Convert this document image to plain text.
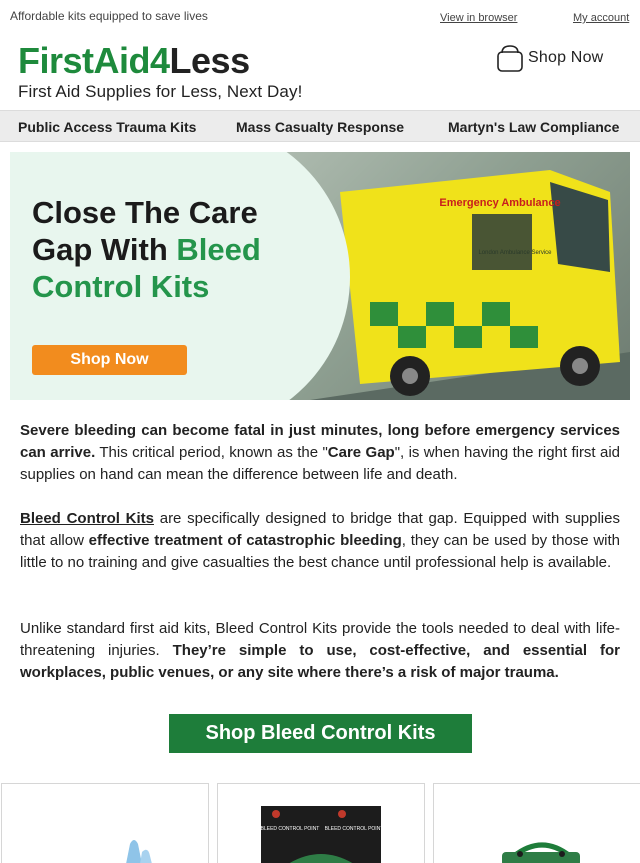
Affordable kits equipped to save lives	View in browser	My account
FirstAid4Less
First Aid Supplies for Less, Next Day!
Shop Now
Public Access Trauma Kits	Mass Casualty Response	Martyn's Law Compliance
Emergency Ambulance
London Ambulance Service
Close The Care
Gap With Bleed
Control Kits
Shop Now

Severe bleeding can become fatal in just minutes, long before emergency services can arrive. This critical period, known as the "Care Gap", is when having the right first aid supplies on hand can mean the difference between life and death.

Bleed Control Kits are specifically designed to bridge that gap. Equipped with supplies that allow effective treatment of catastrophic bleeding, they can be used by those with little to no training and give casualties the best chance until professional help is available.

Unlike standard first aid kits, Bleed Control Kits provide the tools needed to deal with life-threatening injuries. They’re simple to use, cost-effective, and essential for workplaces, public venues, or any site where there’s a risk of major trauma.

Shop Bleed Control Kits
BLEED CONTROL POINT BLEED CONTROL POINT
